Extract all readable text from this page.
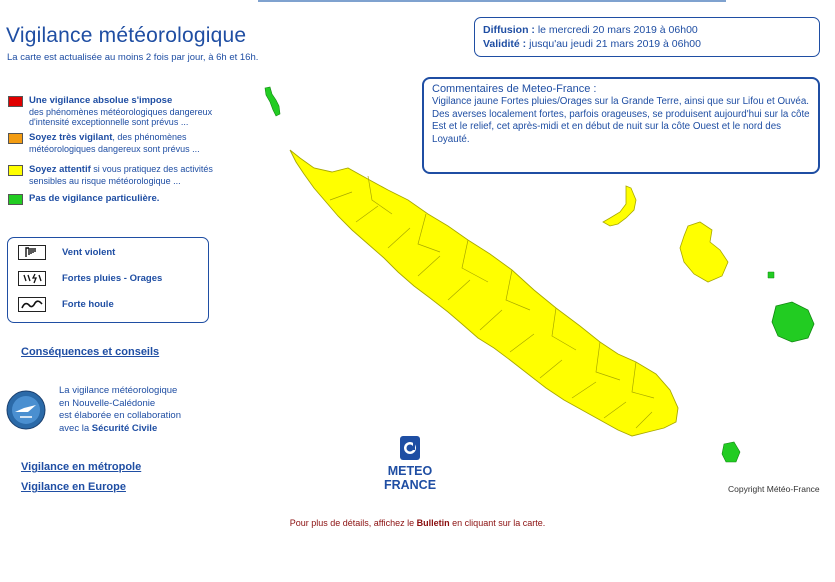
Vigilance météorologique
La carte est actualisée au moins 2 fois par jour, à 6h et 16h.
Une vigilance absolue s'impose
des phénomènes météorologiques dangereux d'intensité exceptionnelle sont prévus ...
Soyez très vigilant, des phénomènes météorologiques dangereux sont prévus ...
Soyez attentif si vous pratiquez des activités sensibles au risque météorologique ...
Pas de vigilance particulière.
Vent violent
Fortes pluies - Orages
Forte houle
Conséquences et conseils
La vigilance météorologique
en Nouvelle-Calédonie
est élaborée en collaboration
avec la Sécurité Civile
Vigilance en métropole
Vigilance en Europe
Diffusion : le mercredi 20 mars 2019 à 06h00
Validité : jusqu'au jeudi 21 mars 2019 à 06h00
Commentaires de Meteo-France :
Vigilance jaune Fortes pluies/Orages sur la Grande Terre, ainsi que sur Lifou et Ouvéa. Des averses localement fortes, parfois orageuses, se produisent aujourd'hui sur la côte Est et le relief, cet après-midi et en début de nuit sur la côte Ouest et le nord des Loyauté.
METEO
FRANCE	Copyright Météo-France
Pour plus de détails, affichez le Bulletin en cliquant sur la carte.
